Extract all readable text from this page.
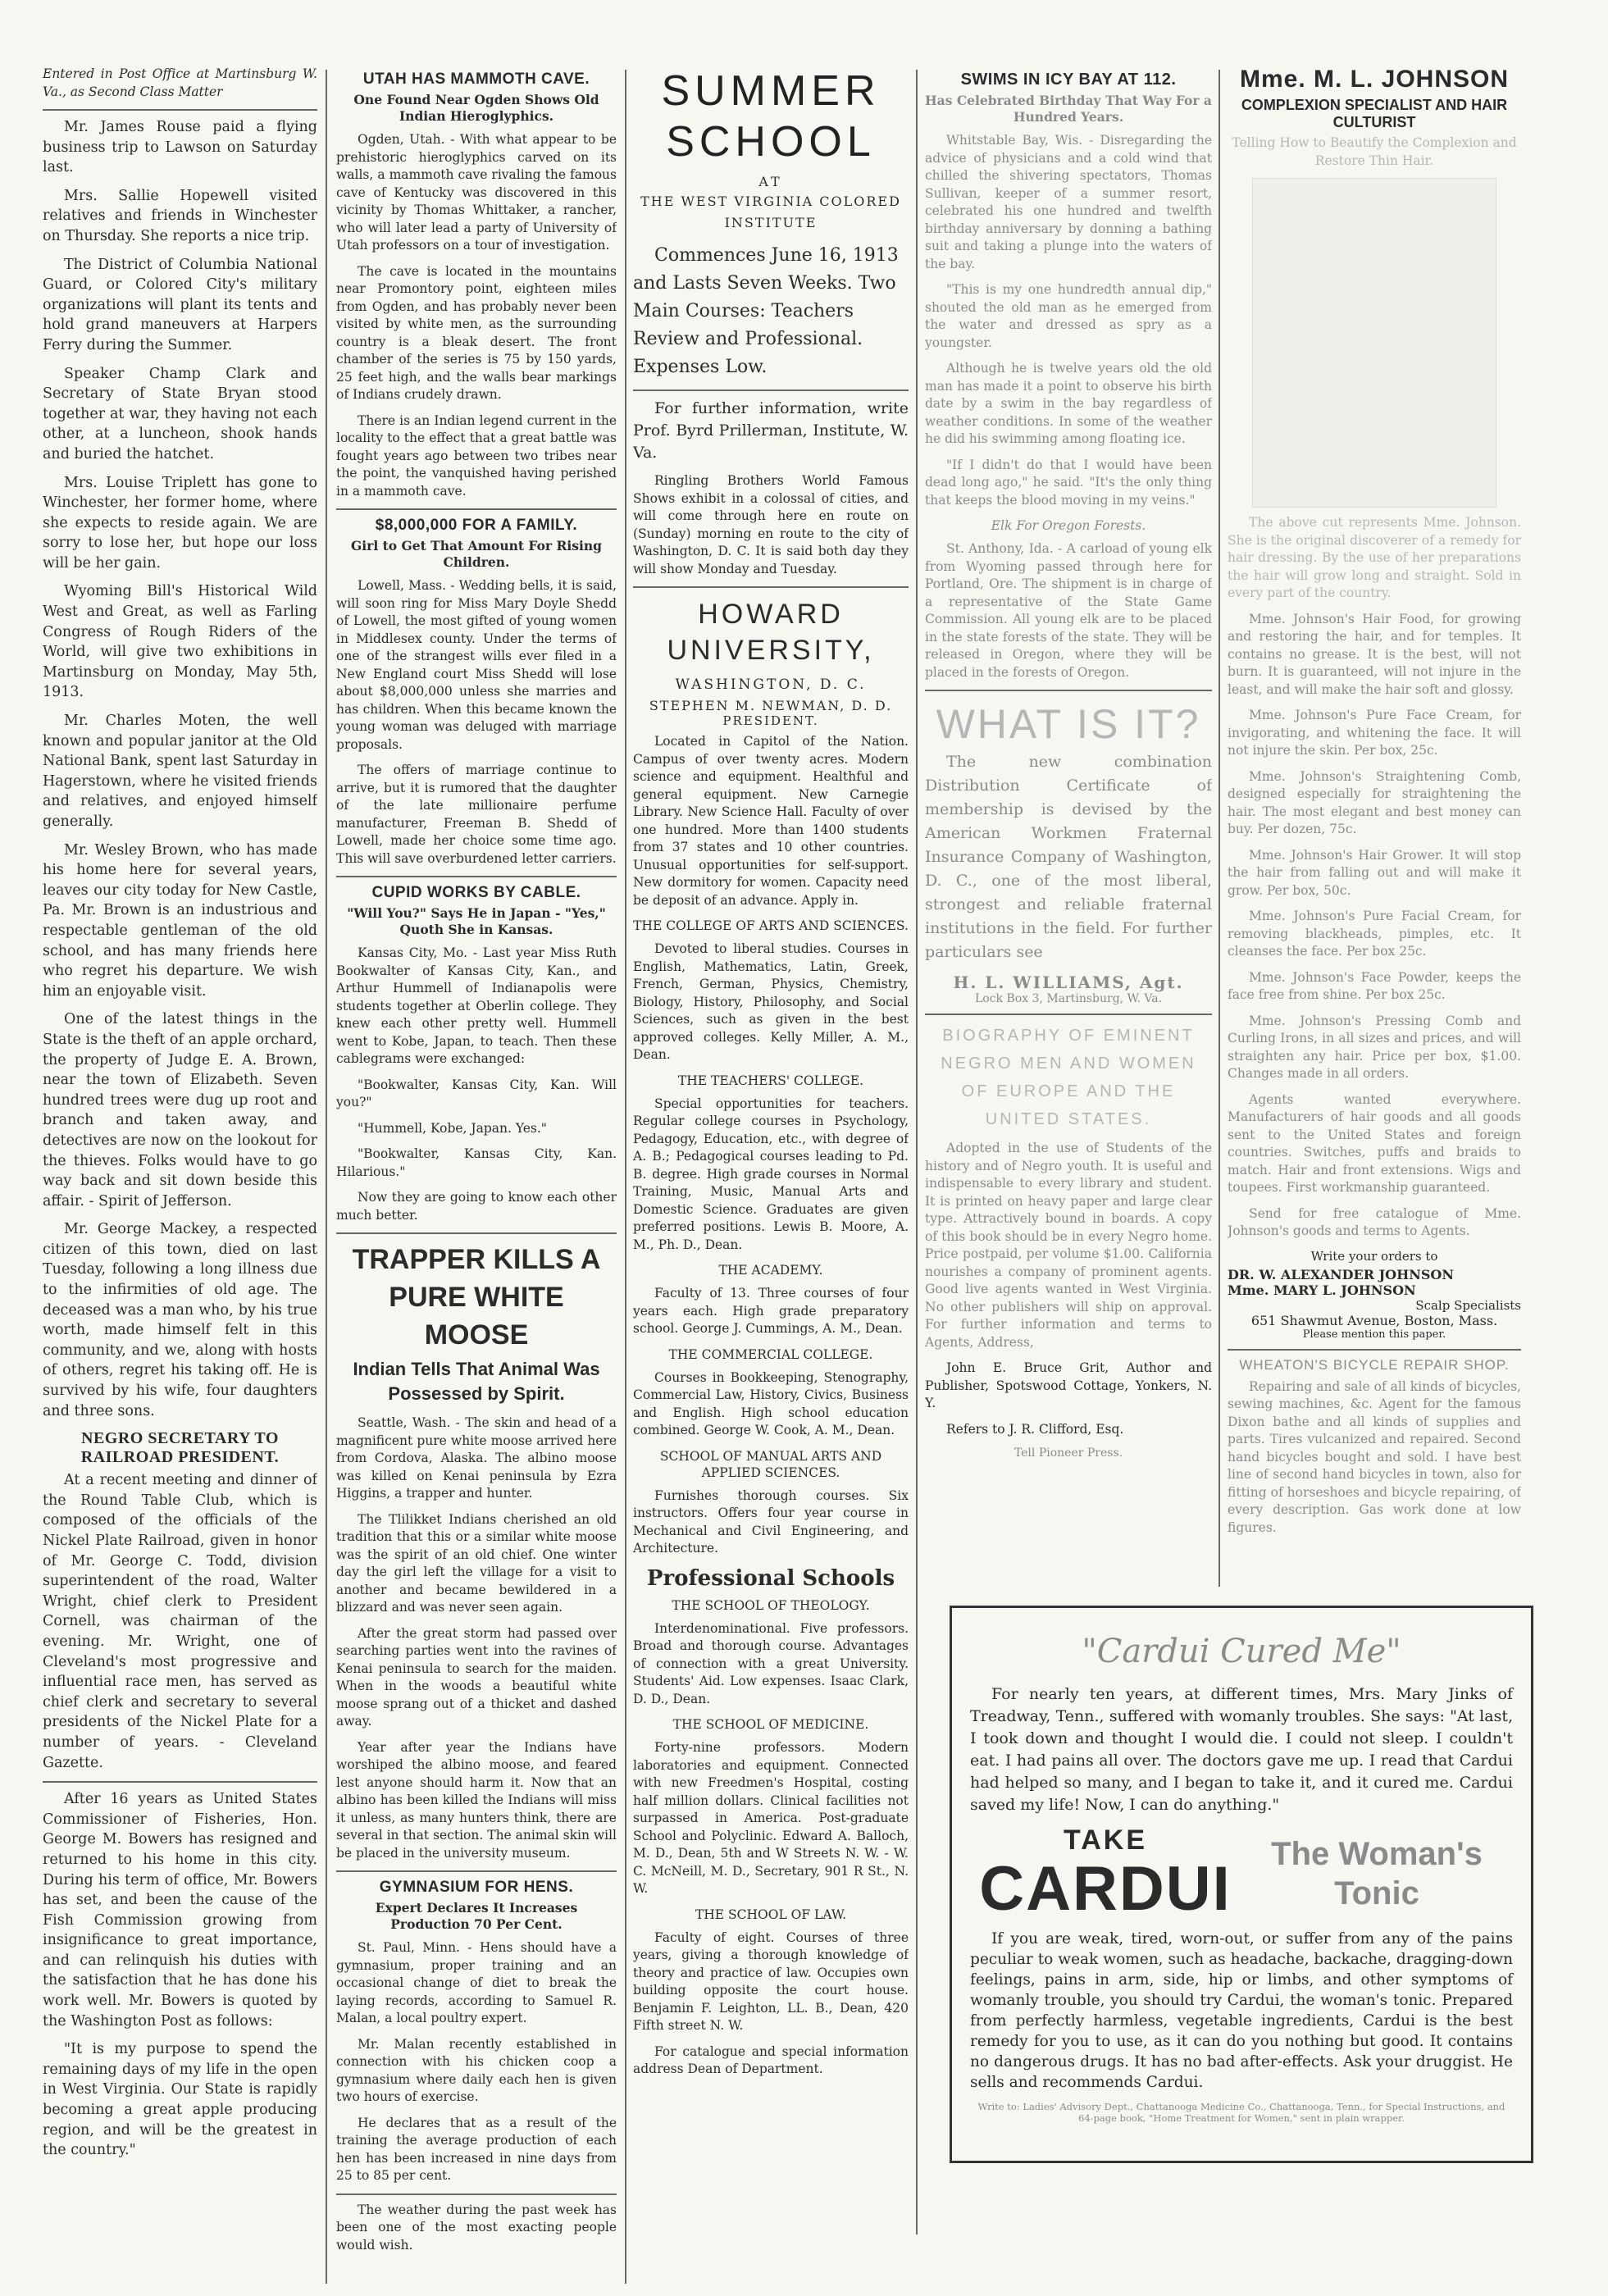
Entered in Post Office at Martinsburg W. Va., as Second Class Matter

Mr. James Rouse paid a flying business trip to Lawson on Saturday last.

Mrs. Sallie Hopewell visited relatives and friends in Winchester on Thursday. She reports a nice trip.

The District of Columbia National Guard, or Colored City's military organizations will plant its tents and hold grand maneuvers at Harpers Ferry during the Summer.

Speaker Champ Clark and Secretary of State Bryan stood together at war, they having not each other, at a luncheon, shook hands and buried the hatchet.

Mrs. Louise Triplett has gone to Winchester, her former home, where she expects to reside again. We are sorry to lose her, but hope our loss will be her gain.

Wyoming Bill's Historical Wild West and Great, as well as Farling Congress of Rough Riders of the World, will give two exhibitions in Martinsburg on Monday, May 5th, 1913.

Mr. Charles Moten, the well known and popular janitor at the Old National Bank, spent last Saturday in Hagerstown, where he visited friends and relatives, and enjoyed himself generally.

Mr. Wesley Brown, who has made his home here for several years, leaves our city today for New Castle, Pa. Mr. Brown is an industrious and respectable gentleman of the old school, and has many friends here who regret his departure. We wish him an enjoyable visit.

One of the latest things in the State is the theft of an apple orchard, the property of Judge E. A. Brown, near the town of Elizabeth. Seven hundred trees were dug up root and branch and taken away, and detectives are now on the lookout for the thieves. Folks would have to go way back and sit down beside this affair. - Spirit of Jefferson.

Mr. George Mackey, a respected citizen of this town, died on last Tuesday, following a long illness due to the infirmities of old age. The deceased was a man who, by his true worth, made himself felt in this community, and we, along with hosts of others, regret his taking off. He is survived by his wife, four daughters and three sons.

NEGRO SECRETARY TO RAILROAD PRESIDENT.

At a recent meeting and dinner of the Round Table Club, which is composed of the officials of the Nickel Plate Railroad, given in honor of Mr. George C. Todd, division superintendent of the road, Walter Wright, chief clerk to President Cornell, was chairman of the evening. Mr. Wright, one of Cleveland's most progressive and influential race men, has served as chief clerk and secretary to several presidents of the Nickel Plate for a number of years. - Cleveland Gazette.

After 16 years as United States Commissioner of Fisheries, Hon. George M. Bowers has resigned and returned to his home in this city. During his term of office, Mr. Bowers has set, and been the cause of the Fish Commission growing from insignificance to great importance, and can relinquish his duties with the satisfaction that he has done his work well. Mr. Bowers is quoted by the Washington Post as follows:

"It is my purpose to spend the remaining days of my life in the open in West Virginia. Our State is rapidly becoming a great apple producing region, and will be the greatest in the country."

UTAH HAS MAMMOTH CAVE.
One Found Near Ogden Shows Old Indian Hieroglyphics.

Ogden, Utah. - With what appear to be prehistoric hieroglyphics carved on its walls, a mammoth cave rivaling the famous cave of Kentucky was discovered in this vicinity by Thomas Whittaker, a rancher, who will later lead a party of University of Utah professors on a tour of investigation.

The cave is located in the mountains near Promontory point, eighteen miles from Ogden, and has probably never been visited by white men, as the surrounding country is a bleak desert. The front chamber of the series is 75 by 150 yards, 25 feet high, and the walls bear markings of Indians crudely drawn.

There is an Indian legend current in the locality to the effect that a great battle was fought years ago between two tribes near the point, the vanquished having perished in a mammoth cave.

$8,000,000 FOR A FAMILY.
Girl to Get That Amount For Rising Children.

Lowell, Mass. - Wedding bells, it is said, will soon ring for Miss Mary Doyle Shedd of Lowell, the most gifted of young women in Middlesex county. Under the terms of one of the strangest wills ever filed in a New England court Miss Shedd will lose about $8,000,000 unless she marries and has children. When this became known the young woman was deluged with marriage proposals.

The offers of marriage continue to arrive, but it is rumored that the daughter of the late millionaire perfume manufacturer, Freeman B. Shedd of Lowell, made her choice some time ago. This will save overburdened letter carriers.

CUPID WORKS BY CABLE.
"Will You?" Says He in Japan - "Yes," Quoth She in Kansas.

Kansas City, Mo. - Last year Miss Ruth Bookwalter of Kansas City, Kan., and Arthur Hummell of Indianapolis were students together at Oberlin college. They knew each other pretty well. Hummell went to Kobe, Japan, to teach. Then these cablegrams were exchanged:

"Bookwalter, Kansas City, Kan. Will you?"

"Hummell, Kobe, Japan. Yes."

"Bookwalter, Kansas City, Kan. Hilarious."

Now they are going to know each other much better.

TRAPPER KILLS A PURE WHITE MOOSE
Indian Tells That Animal Was Possessed by Spirit.

Seattle, Wash. - The skin and head of a magnificent pure white moose arrived here from Cordova, Alaska. The albino moose was killed on Kenai peninsula by Ezra Higgins, a trapper and hunter.

The Tlilikket Indians cherished an old tradition that this or a similar white moose was the spirit of an old chief. One winter day the girl left the village for a visit to another and became bewildered in a blizzard and was never seen again.

After the great storm had passed over searching parties went into the ravines of Kenai peninsula to search for the maiden. When in the woods a beautiful white moose sprang out of a thicket and dashed away.

Year after year the Indians have worshiped the albino moose, and feared lest anyone should harm it. Now that an albino has been killed the Indians will miss it unless, as many hunters think, there are several in that section. The animal skin will be placed in the university museum.

GYMNASIUM FOR HENS.
Expert Declares It Increases Production 70 Per Cent.

St. Paul, Minn. - Hens should have a gymnasium, proper training and an occasional change of diet to break the laying records, according to Samuel R. Malan, a local poultry expert.

Mr. Malan recently established in connection with his chicken coop a gymnasium where daily each hen is given two hours of exercise.

He declares that as a result of the training the average production of each hen has been increased in nine days from 25 to 85 per cent.

The weather during the past week has been one of the most exacting people would wish.

SUMMER
SCHOOL
AT
THE WEST VIRGINIA COLORED INSTITUTE

Commences June 16, 1913 and Lasts Seven Weeks. Two Main Courses: Teachers Review and Professional. Expenses Low.

For further information, write Prof. Byrd Prillerman, Institute, W. Va.

Ringling Brothers World Famous Shows exhibit in a colossal of cities, and will come through here en route on (Sunday) morning en route to the city of Washington, D. C. It is said both day they will show Monday and Tuesday.

HOWARD UNIVERSITY,
WASHINGTON, D. C.
STEPHEN M. NEWMAN, D. D.
PRESIDENT.

Located in Capitol of the Nation. Campus of over twenty acres. Modern science and equipment. Healthful and general equipment. New Carnegie Library. New Science Hall. Faculty of over one hundred. More than 1400 students from 37 states and 10 other countries. Unusual opportunities for self-support. New dormitory for women. Capacity need be deposit of an advance. Apply in.

THE COLLEGE OF ARTS AND SCIENCES.

Devoted to liberal studies. Courses in English, Mathematics, Latin, Greek, French, German, Physics, Chemistry, Biology, History, Philosophy, and Social Sciences, such as given in the best approved colleges. Kelly Miller, A. M., Dean.

THE TEACHERS' COLLEGE.

Special opportunities for teachers. Regular college courses in Psychology, Pedagogy, Education, etc., with degree of A. B.; Pedagogical courses leading to Pd. B. degree. High grade courses in Normal Training, Music, Manual Arts and Domestic Science. Graduates are given preferred positions. Lewis B. Moore, A. M., Ph. D., Dean.

THE ACADEMY.

Faculty of 13. Three courses of four years each. High grade preparatory school. George J. Cummings, A. M., Dean.

THE COMMERCIAL COLLEGE.

Courses in Bookkeeping, Stenography, Commercial Law, History, Civics, Business and English. High school education combined. George W. Cook, A. M., Dean.

SCHOOL OF MANUAL ARTS AND APPLIED SCIENCES.

Furnishes thorough courses. Six instructors. Offers four year course in Mechanical and Civil Engineering, and Architecture.

Professional Schools
THE SCHOOL OF THEOLOGY.

Interdenominational. Five professors. Broad and thorough course. Advantages of connection with a great University. Students' Aid. Low expenses. Isaac Clark, D. D., Dean.

THE SCHOOL OF MEDICINE.

Forty-nine professors. Modern laboratories and equipment. Connected with new Freedmen's Hospital, costing half million dollars. Clinical facilities not surpassed in America. Post-graduate School and Polyclinic. Edward A. Balloch, M. D., Dean, 5th and W Streets N. W. - W. C. McNeill, M. D., Secretary, 901 R St., N. W.

THE SCHOOL OF LAW.

Faculty of eight. Courses of three years, giving a thorough knowledge of theory and practice of law. Occupies own building opposite the court house. Benjamin F. Leighton, LL. B., Dean, 420 Fifth street N. W.

For catalogue and special information address Dean of Department.

SWIMS IN ICY BAY AT 112.
Has Celebrated Birthday That Way For a Hundred Years.

Whitstable Bay, Wis. - Disregarding the advice of physicians and a cold wind that chilled the shivering spectators, Thomas Sullivan, keeper of a summer resort, celebrated his one hundred and twelfth birthday anniversary by donning a bathing suit and taking a plunge into the waters of the bay.

"This is my one hundredth annual dip," shouted the old man as he emerged from the water and dressed as spry as a youngster.

Although he is twelve years old the old man has made it a point to observe his birth date by a swim in the bay regardless of weather conditions. In some of the weather he did his swimming among floating ice.

"If I didn't do that I would have been dead long ago," he said. "It's the only thing that keeps the blood moving in my veins."

Elk For Oregon Forests.

St. Anthony, Ida. - A carload of young elk from Wyoming passed through here for Portland, Ore. The shipment is in charge of a representative of the State Game Commission. All young elk are to be placed in the state forests of the state. They will be released in Oregon, where they will be placed in the forests of Oregon.

WHAT IS IT?

The new combination Distribution Certificate of membership is devised by the American Workmen Fraternal Insurance Company of Washington, D. C., one of the most liberal, strongest and reliable fraternal institutions in the field. For further particulars see

H. L. WILLIAMS, Agt.
Lock Box 3, Martinsburg, W. Va.
BIOGRAPHY OF EMINENT NEGRO MEN AND WOMEN OF EUROPE AND THE UNITED STATES.

Adopted in the use of Students of the history and of Negro youth. It is useful and indispensable to every library and student. It is printed on heavy paper and large clear type. Attractively bound in boards. A copy of this book should be in every Negro home. Price postpaid, per volume $1.00. California nourishes a company of prominent agents. Good live agents wanted in West Virginia. No other publishers will ship on approval. For further information and terms to Agents, Address,

John E. Bruce Grit, Author and Publisher, Spotswood Cottage, Yonkers, N. Y.

Refers to J. R. Clifford, Esq.

Tell Pioneer Press.
Mme. M. L. JOHNSON
COMPLEXION SPECIALIST AND HAIR CULTURIST

Telling How to Beautify the Complexion and Restore Thin Hair.

The above cut represents Mme. Johnson. She is the original discoverer of a remedy for hair dressing. By the use of her preparations the hair will grow long and straight. Sold in every part of the country.

Mme. Johnson's Hair Food, for growing and restoring the hair, and for temples. It contains no grease. It is the best, will not burn. It is guaranteed, will not injure in the least, and will make the hair soft and glossy.

Mme. Johnson's Pure Face Cream, for invigorating, and whitening the face. It will not injure the skin. Per box, 25c.

Mme. Johnson's Straightening Comb, designed especially for straightening the hair. The most elegant and best money can buy. Per dozen, 75c.

Mme. Johnson's Hair Grower. It will stop the hair from falling out and will make it grow. Per box, 50c.

Mme. Johnson's Pure Facial Cream, for removing blackheads, pimples, etc. It cleanses the face. Per box 25c.

Mme. Johnson's Face Powder, keeps the face free from shine. Per box 25c.

Mme. Johnson's Pressing Comb and Curling Irons, in all sizes and prices, and will straighten any hair. Price per box, $1.00. Changes made in all orders.

Agents wanted everywhere. Manufacturers of hair goods and all goods sent to the United States and foreign countries. Switches, puffs and braids to match. Hair and front extensions. Wigs and toupees. First workmanship guaranteed.

Send for free catalogue of Mme. Johnson's goods and terms to Agents.

Write your orders to
DR. W. ALEXANDER JOHNSON
Mme. MARY L. JOHNSON
Scalp Specialists
651 Shawmut Avenue, Boston, Mass.
Please mention this paper.
WHEATON'S BICYCLE REPAIR SHOP.

Repairing and sale of all kinds of bicycles, sewing machines, &c. Agent for the famous Dixon bathe and all kinds of supplies and parts. Tires vulcanized and repaired. Second hand bicycles bought and sold. I have best line of second hand bicycles in town, also for fitting of horseshoes and bicycle repairing, of every description. Gas work done at low figures.

"Cardui Cured Me"

For nearly ten years, at different times, Mrs. Mary Jinks of Treadway, Tenn., suffered with womanly troubles. She says: "At last, I took down and thought I would die. I could not sleep. I couldn't eat. I had pains all over. The doctors gave me up. I read that Cardui had helped so many, and I began to take it, and it cured me. Cardui saved my life! Now, I can do anything."

TAKE
CARDUI
The Woman's Tonic

If you are weak, tired, worn-out, or suffer from any of the pains peculiar to weak women, such as headache, backache, dragging-down feelings, pains in arm, side, hip or limbs, and other symptoms of womanly trouble, you should try Cardui, the woman's tonic. Prepared from perfectly harmless, vegetable ingredients, Cardui is the best remedy for you to use, as it can do you nothing but good. It contains no dangerous drugs. It has no bad after-effects. Ask your druggist. He sells and recommends Cardui.

Write to: Ladies' Advisory Dept., Chattanooga Medicine Co., Chattanooga, Tenn., for Special Instructions, and 64-page book, "Home Treatment for Women," sent in plain wrapper.
